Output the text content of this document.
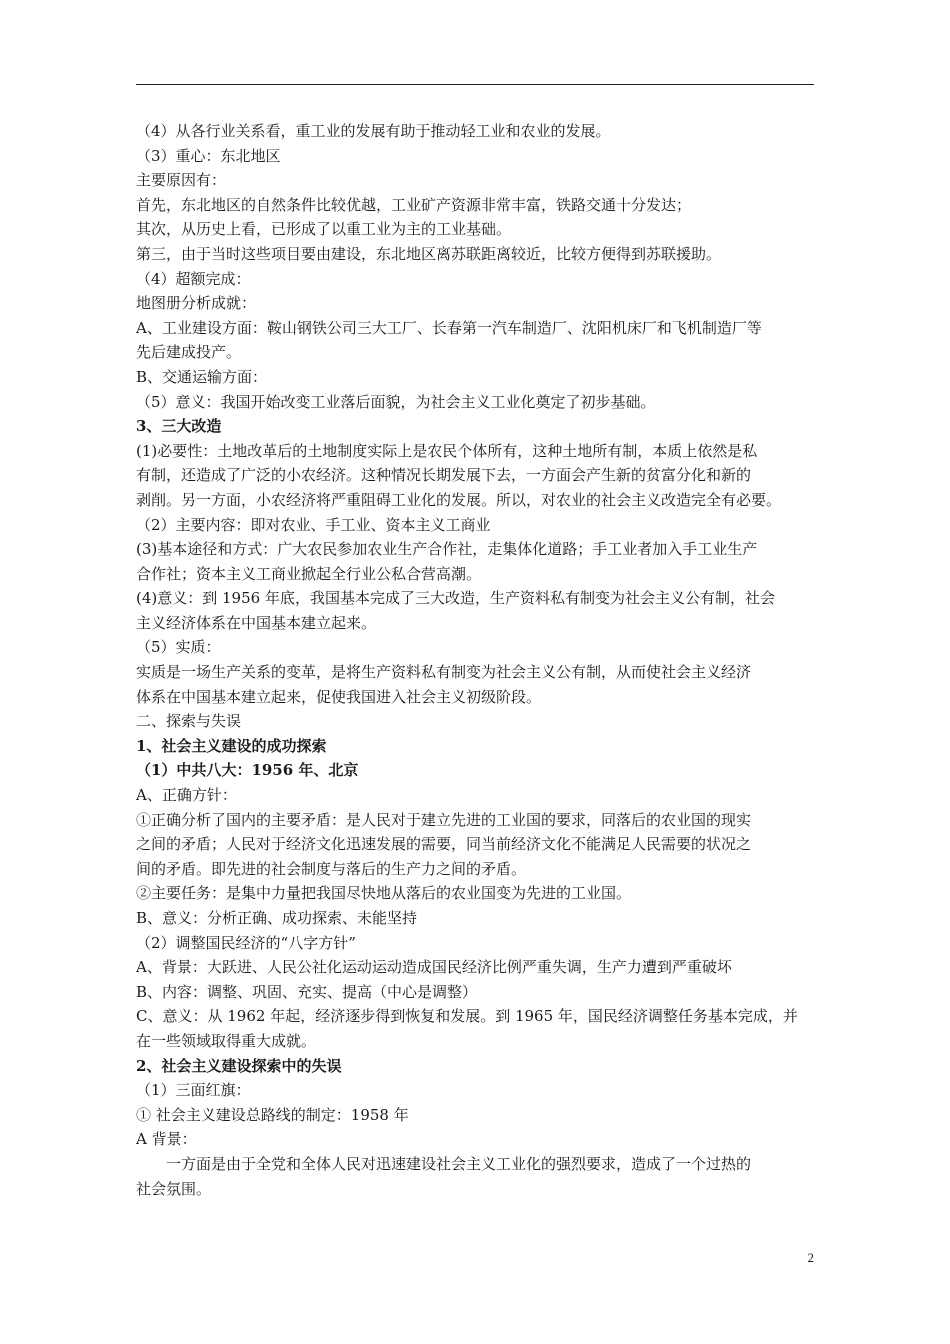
（4）从各行业关系看，重工业的发展有助于推动轻工业和农业的发展。
（3）重心：东北地区
主要原因有：
首先，东北地区的自然条件比较优越，工业矿产资源非常丰富，铁路交通十分发达；
其次，从历史上看，已形成了以重工业为主的工业基础。
第三，由于当时这些项目要由建设，东北地区离苏联距离较近，比较方便得到苏联援助。
（4）超额完成：
地图册分析成就：
A、工业建设方面：鞍山钢铁公司三大工厂、长春第一汽车制造厂、沈阳机床厂和飞机制造厂等
先后建成投产。
B、交通运输方面：
（5）意义：我国开始改变工业落后面貌，为社会主义工业化奠定了初步基础。
3、三大改造
(1)必要性：土地改革后的土地制度实际上是农民个体所有，这种土地所有制，本质上依然是私
有制，还造成了广泛的小农经济。这种情况长期发展下去，一方面会产生新的贫富分化和新的
剥削。另一方面，小农经济将严重阻碍工业化的发展。所以，对农业的社会主义改造完全有必要。
（2）主要内容：即对农业、手工业、资本主义工商业
(3)基本途径和方式：广大农民参加农业生产合作社，走集体化道路；手工业者加入手工业生产
合作社；资本主义工商业掀起全行业公私合营高潮。
(4)意义：到 1956 年底，我国基本完成了三大改造，生产资料私有制变为社会主义公有制，社会
主义经济体系在中国基本建立起来。
（5）实质：
实质是一场生产关系的变革，是将生产资料私有制变为社会主义公有制，从而使社会主义经济
体系在中国基本建立起来，促使我国进入社会主义初级阶段。
二、探索与失误
1、社会主义建设的成功探索
（1）中共八大：1956 年、北京
A、正确方针：
①正确分析了国内的主要矛盾：是人民对于建立先进的工业国的要求，同落后的农业国的现实
之间的矛盾；人民对于经济文化迅速发展的需要，同当前经济文化不能满足人民需要的状况之
间的矛盾。即先进的社会制度与落后的生产力之间的矛盾。
②主要任务：是集中力量把我国尽快地从落后的农业国变为先进的工业国。
B、意义：分析正确、成功探索、未能坚持
（2）调整国民经济的“八字方针”
A、背景：大跃进、人民公社化运动运动造成国民经济比例严重失调，生产力遭到严重破坏
B、内容：调整、巩固、充实、提高（中心是调整）
C、意义：从 1962 年起，经济逐步得到恢复和发展。到 1965 年，国民经济调整任务基本完成，并
在一些领域取得重大成就。
2、社会主义建设探索中的失误
（1）三面红旗：
① 社会主义建设总路线的制定：1958 年
A 背景：
一方面是由于全党和全体人民对迅速建设社会主义工业化的强烈要求，造成了一个过热的
社会氛围。
2
